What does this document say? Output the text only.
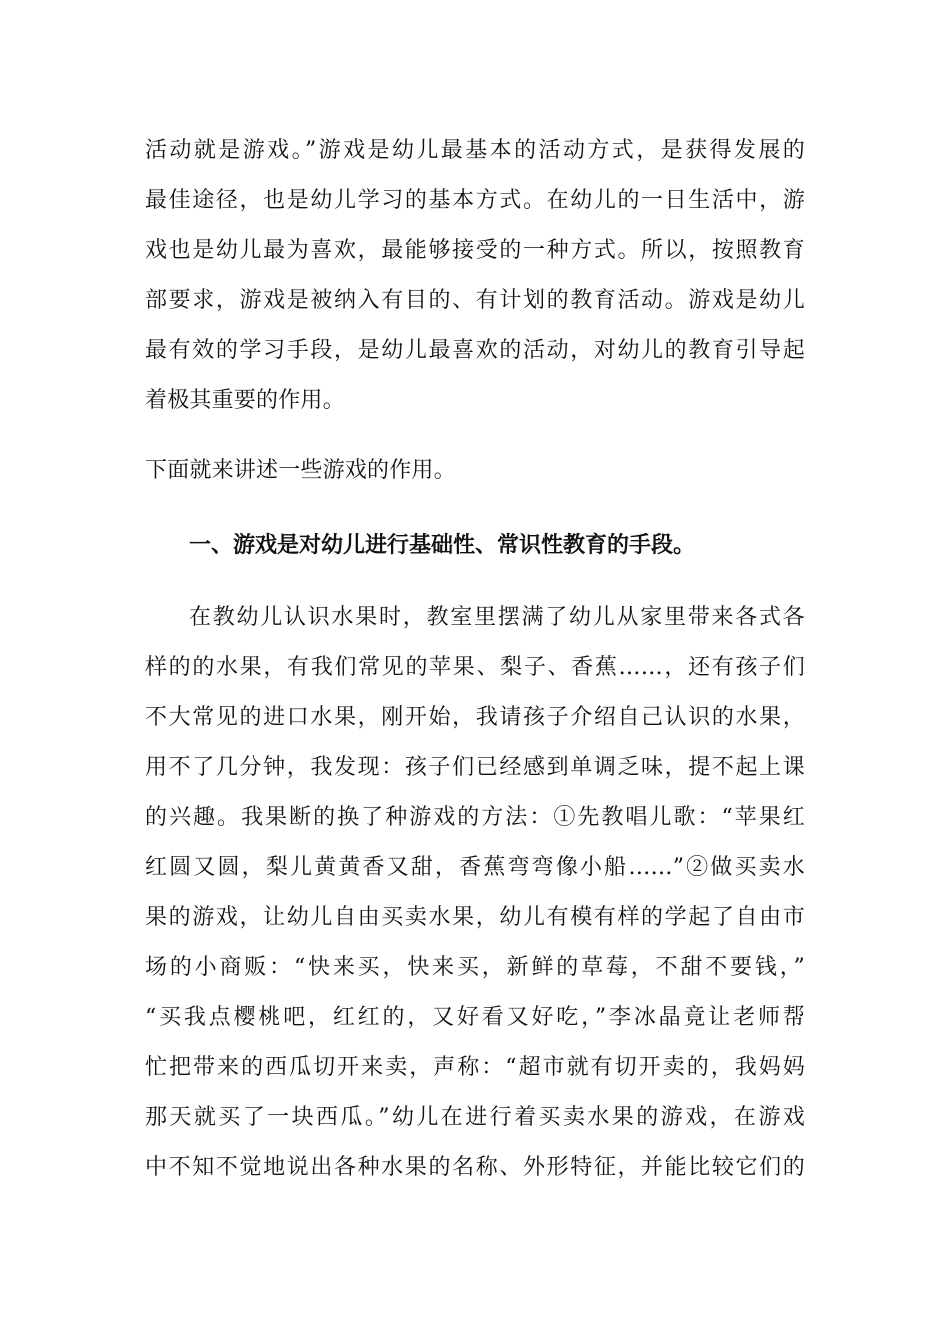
活动就是游戏。”游戏是幼儿最基本的活动方式，是获得发展的
最佳途径，也是幼儿学习的基本方式。在幼儿的一日生活中，游
戏也是幼儿最为喜欢，最能够接受的一种方式。所以，按照教育
部要求，游戏是被纳入有目的、有计划的教育活动。游戏是幼儿
最有效的学习手段，是幼儿最喜欢的活动，对幼儿的教育引导起
着极其重要的作用。
下面就来讲述一些游戏的作用。
一、游戏是对幼儿进行基础性、常识性教育的手段。
在教幼儿认识水果时，教室里摆满了幼儿从家里带来各式各
样的的水果，有我们常见的苹果、梨子、香蕉……，还有孩子们
不大常见的进口水果，刚开始，我请孩子介绍自己认识的水果，
用不了几分钟，我发现：孩子们已经感到单调乏味，提不起上课
的兴趣。我果断的换了种游戏的方法：①先教唱儿歌：“苹果红
红圆又圆，梨儿黄黄香又甜，香蕉弯弯像小船……”②做买卖水
果的游戏，让幼儿自由买卖水果，幼儿有模有样的学起了自由市
场的小商贩：“快来买，快来买，新鲜的草莓，不甜不要钱，”
“买我点樱桃吧，红红的，又好看又好吃，”李冰晶竟让老师帮
忙把带来的西瓜切开来卖，声称：“超市就有切开卖的，我妈妈
那天就买了一块西瓜。”幼儿在进行着买卖水果的游戏，在游戏
中不知不觉地说出各种水果的名称、外形特征，并能比较它们的
